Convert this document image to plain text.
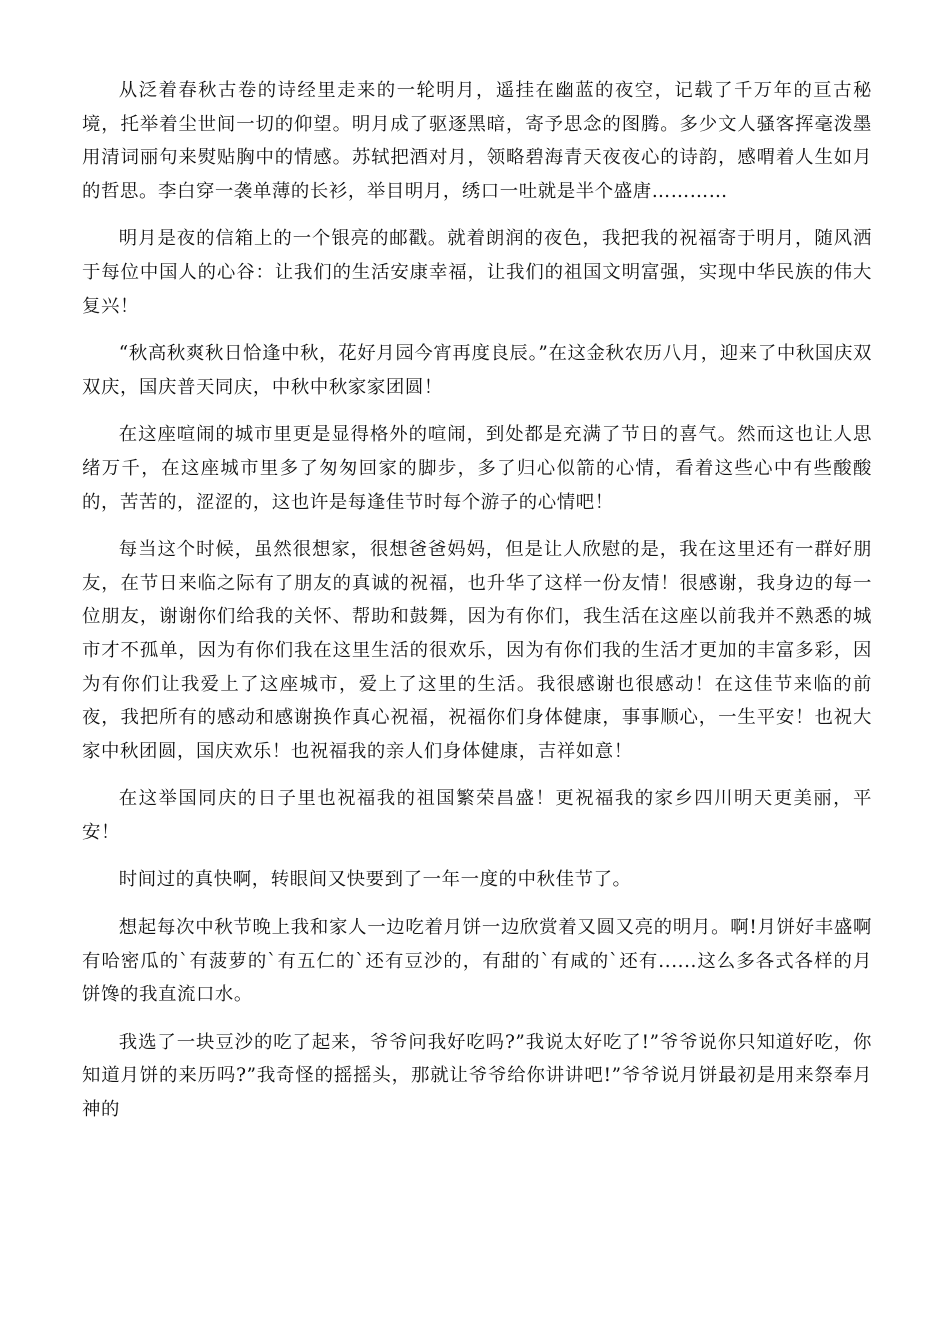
从泛着春秋古卷的诗经里走来的一轮明月，遥挂在幽蓝的夜空，记载了千万年的亘古秘境，托举着尘世间一切的仰望。明月成了驱逐黑暗，寄予思念的图腾。多少文人骚客挥毫泼墨用清词丽句来熨贴胸中的情感。苏轼把酒对月，领略碧海青天夜夜心的诗韵，感喟着人生如月的哲思。李白穿一袭单薄的长衫，举目明月，绣口一吐就是半个盛唐…………

明月是夜的信箱上的一个银亮的邮戳。就着朗润的夜色，我把我的祝福寄于明月，随风洒于每位中国人的心谷：让我们的生活安康幸福，让我们的祖国文明富强，实现中华民族的伟大复兴！

“秋高秋爽秋日恰逢中秋，花好月园今宵再度良辰。”在这金秋农历八月，迎来了中秋国庆双双庆，国庆普天同庆，中秋中秋家家团圆！

在这座喧闹的城市里更是显得格外的喧闹，到处都是充满了节日的喜气。然而这也让人思绪万千，在这座城市里多了匆匆回家的脚步，多了归心似箭的心情，看着这些心中有些酸酸的，苦苦的，涩涩的，这也许是每逢佳节时每个游子的心情吧！

每当这个时候，虽然很想家，很想爸爸妈妈，但是让人欣慰的是，我在这里还有一群好朋友，在节日来临之际有了朋友的真诚的祝福，也升华了这样一份友情！很感谢，我身边的每一位朋友，谢谢你们给我的关怀、帮助和鼓舞，因为有你们，我生活在这座以前我并不熟悉的城市才不孤单，因为有你们我在这里生活的很欢乐，因为有你们我的生活才更加的丰富多彩，因为有你们让我爱上了这座城市，爱上了这里的生活。我很感谢也很感动！在这佳节来临的前夜，我把所有的感动和感谢换作真心祝福，祝福你们身体健康，事事顺心，一生平安！也祝大家中秋团圆，国庆欢乐！也祝福我的亲人们身体健康，吉祥如意！

在这举国同庆的日子里也祝福我的祖国繁荣昌盛！更祝福我的家乡四川明天更美丽，平安！

时间过的真快啊，转眼间又快要到了一年一度的中秋佳节了。

想起每次中秋节晚上我和家人一边吃着月饼一边欣赏着又圆又亮的明月。啊!月饼好丰盛啊有哈密瓜的`有菠萝的`有五仁的`还有豆沙的，有甜的`有咸的`还有......这么多各式各样的月饼馋的我直流口水。

我选了一块豆沙的吃了起来，爷爷问我好吃吗?”我说太好吃了!”爷爷说你只知道好吃，你知道月饼的来历吗?”我奇怪的摇摇头，那就让爷爷给你讲讲吧!”爷爷说月饼最初是用来祭奉月神的
